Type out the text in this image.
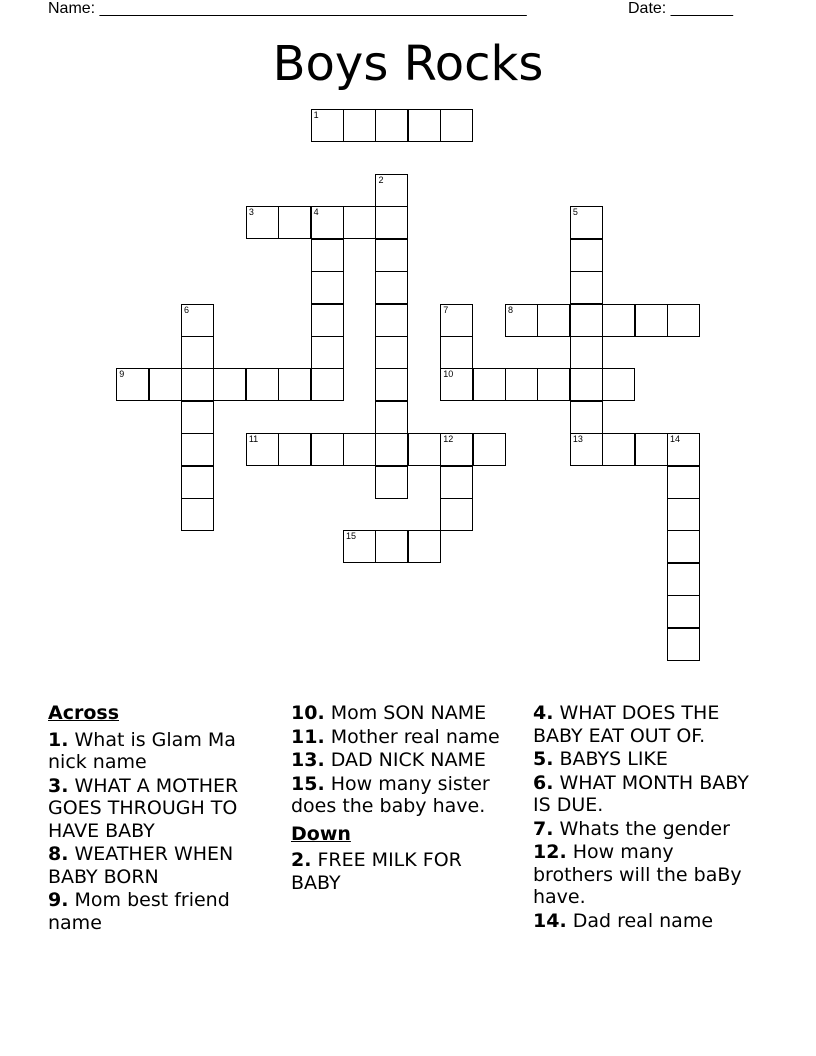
Name: ________________________________________________	Date: _______
Boys Rocks
1
2
3	4	5
6	7	8
9	10
11	12	13	14
15
Across
1. What is Glam Ma nick name
3. WHAT A MOTHER GOES THROUGH TO HAVE BABY
8. WEATHER WHEN BABY BORN
9. Mom best friend name
10. Mom SON NAME
11. Mother real name
13. DAD NICK NAME
15. How many sister does the baby have.
Down
2. FREE MILK FOR BABY
4. WHAT DOES THE BABY EAT OUT OF.
5. BABYS LIKE
6. WHAT MONTH BABY IS DUE.
7. Whats the gender
12. How many brothers will the baBy have.
14. Dad real name
